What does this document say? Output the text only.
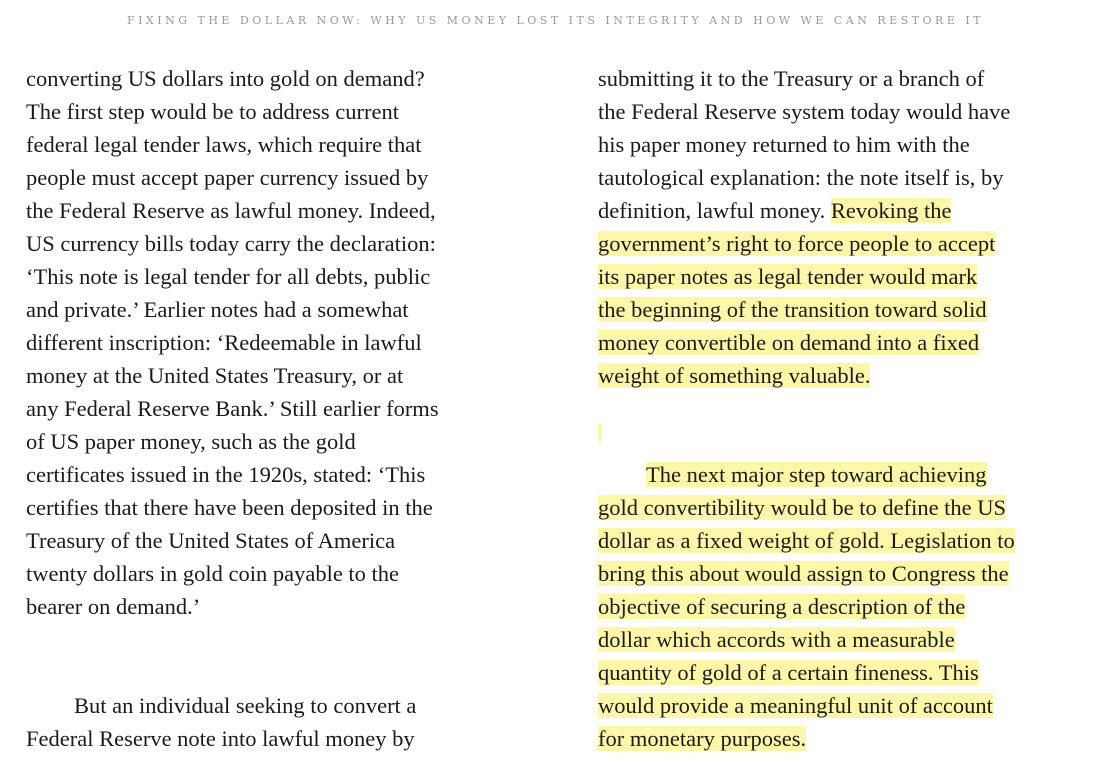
FIXING THE DOLLAR NOW: WHY US MONEY LOST ITS INTEGRITY AND HOW WE CAN RESTORE IT
converting US dollars into gold on demand?
The first step would be to address current
federal legal tender laws, which require that
people must accept paper currency issued by
the Federal Reserve as lawful money. Indeed,
US currency bills today carry the declaration:
‘This note is legal tender for all debts, public
and private.’ Earlier notes had a somewhat
different inscription: ‘Redeemable in lawful
money at the United States Treasury, or at
any Federal Reserve Bank.’ Still earlier forms
of US paper money, such as the gold
certificates issued in the 1920s, stated: ‘This
certifies that there have been deposited in the
Treasury of the United States of America
twenty dollars in gold coin payable to the
bearer on demand.’
But an individual seeking to convert a
Federal Reserve note into lawful money by
submitting it to the Treasury or a branch of
the Federal Reserve system today would have
his paper money returned to him with the
tautological explanation: the note itself is, by
definition, lawful money. Revoking the
government’s right to force people to accept
its paper notes as legal tender would mark
the beginning of the transition toward solid
money convertible on demand into a fixed
weight of something valuable.
The next major step toward achieving
gold convertibility would be to define the US
dollar as a fixed weight of gold. Legislation to
bring this about would assign to Congress the
objective of securing a description of the
dollar which accords with a measurable
quantity of gold of a certain fineness. This
would provide a meaningful unit of account
for monetary purposes.
